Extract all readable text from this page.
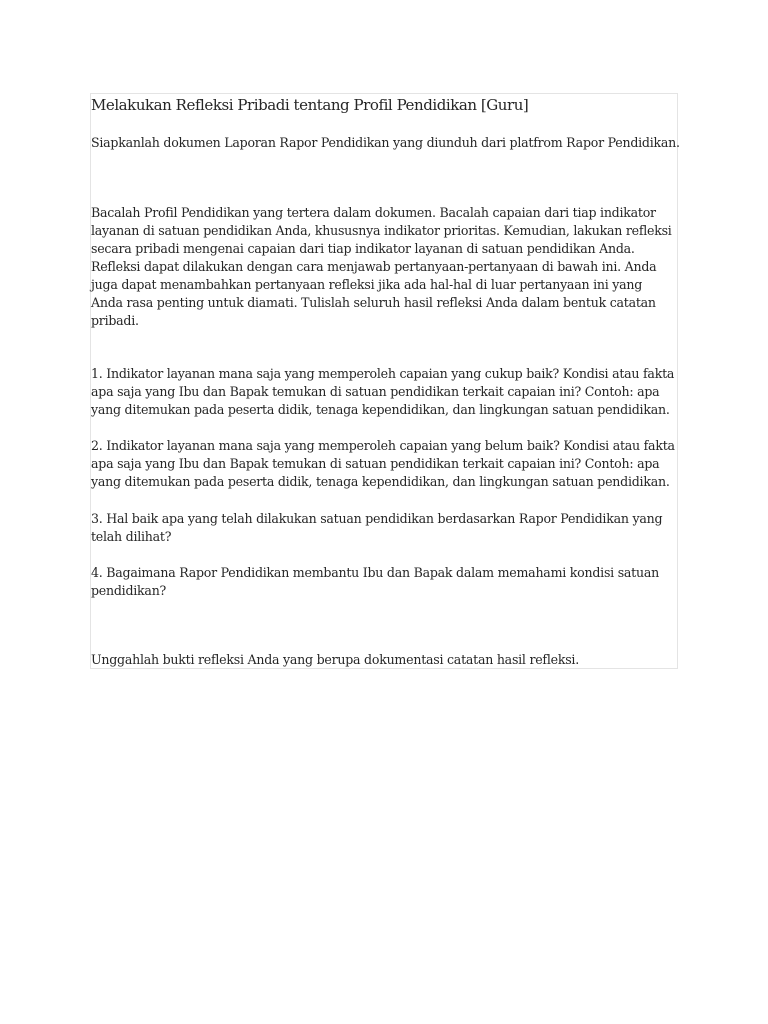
Melakukan Refleksi Pribadi tentang Profil Pendidikan [Guru]
Siapkanlah dokumen Laporan Rapor Pendidikan yang diunduh dari platfrom Rapor Pendidikan.
Bacalah Profil Pendidikan yang tertera dalam dokumen. Bacalah capaian dari tiap indikator layanan di satuan pendidikan Anda, khususnya indikator prioritas. Kemudian, lakukan refleksi secara pribadi mengenai capaian dari tiap indikator layanan di satuan pendidikan Anda. Refleksi dapat dilakukan dengan cara menjawab pertanyaan-pertanyaan di bawah ini. Anda juga dapat menambahkan pertanyaan refleksi jika ada hal-hal di luar pertanyaan ini yang Anda rasa penting untuk diamati. Tulislah seluruh hasil refleksi Anda dalam bentuk catatan pribadi.
1. Indikator layanan mana saja yang memperoleh capaian yang cukup baik? Kondisi atau fakta apa saja yang Ibu dan Bapak temukan di satuan pendidikan terkait capaian ini? Contoh: apa yang ditemukan pada peserta didik, tenaga kependidikan, dan lingkungan satuan pendidikan.
2. Indikator layanan mana saja yang memperoleh capaian yang belum baik? Kondisi atau fakta apa saja yang Ibu dan Bapak temukan di satuan pendidikan terkait capaian ini? Contoh: apa yang ditemukan pada peserta didik, tenaga kependidikan, dan lingkungan satuan pendidikan.
3. Hal baik apa yang telah dilakukan satuan pendidikan berdasarkan Rapor Pendidikan yang telah dilihat?
4. Bagaimana Rapor Pendidikan membantu Ibu dan Bapak dalam memahami kondisi satuan pendidikan?
Unggahlah bukti refleksi Anda yang berupa dokumentasi catatan hasil refleksi.
